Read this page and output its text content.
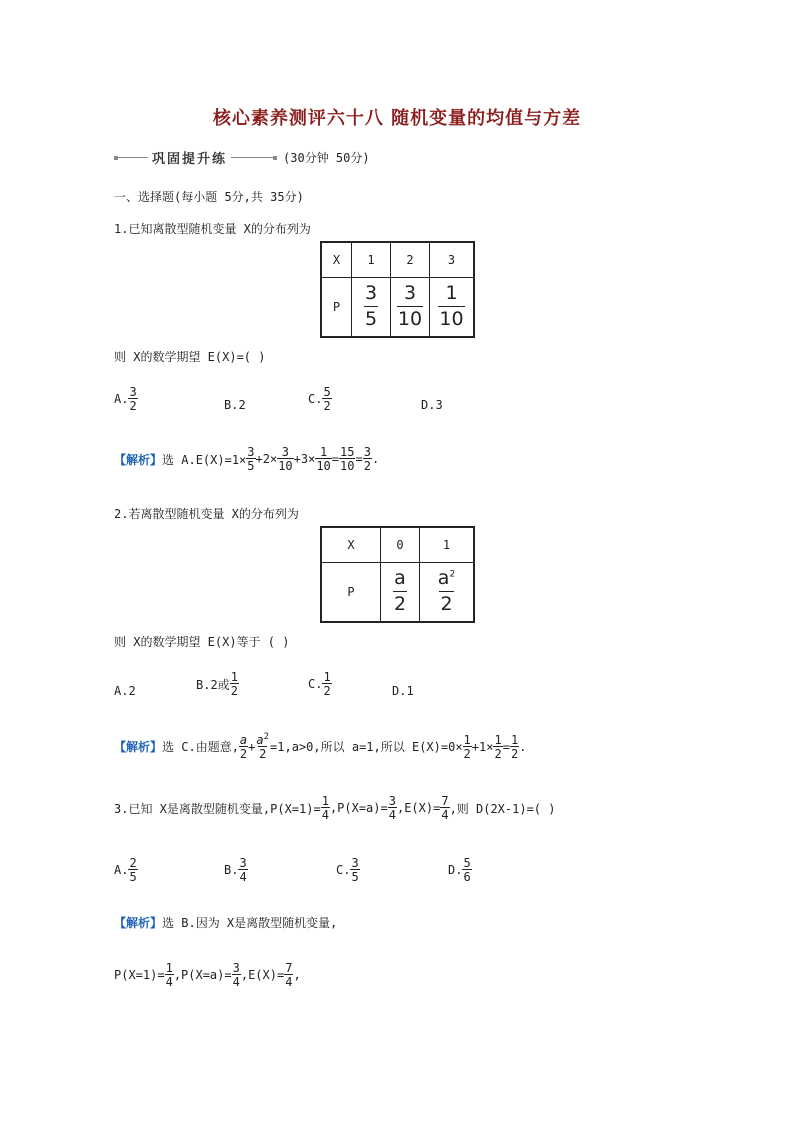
核心素养测评六十八 随机变量的均值与方差
巩固提升练	(30分钟 50分)
一、选择题(每小题 5分,共 35分)
1.已知离散型随机变量 X的分布列为
X	1	2	3
P	$\frac{3}{5}$	$\frac{3}{10}$	$\frac{1}{10}$
则 X的数学期望 E(X)=( )
A. $\frac{3}{2}$	B.2	C. $\frac{5}{2}$	D.3
【解析】 选 $A.E(X)=1\times \frac{3}{5} +2\times \frac{3}{10} +3\times \frac{1}{10} = \frac{15}{10} = \frac{3}{2}$ .
2.若离散型随机变量 X的分布列为
X	0	1
P	$\frac{a}{2}$	$\frac{a^2}{2}$
则 X的数学期望 E(X)等于 ( )
A.2	B.2或 $\frac{1}{2}$	C. $\frac{1}{2}$	D.1
【解析】 选 C.由题意, $\frac{a}{2} + \frac{a^2}{2} =1,a>0$,所以 a=1,所以 $E(X)=0\times \frac{1}{2} +1\times \frac{1}{2} = \frac{1}{2}$ .
3.已知 X是离散型随机变量$,P(X=1)= \frac{1}{4} ,P(X=a)= \frac{3}{4} ,E(X)= \frac{7}{4}$ ,则 D(2X-1)=( )
A. $\frac{2}{5}$	B. $\frac{3}{4}$	C. $\frac{3}{5}$	D. $\frac{5}{6}$
【解析】选 B.因为 X是离散型随机变量,
$P(X=1)= \frac{1}{4} ,P(X=a)= \frac{3}{4} ,E(X)= \frac{7}{4}$ ,
